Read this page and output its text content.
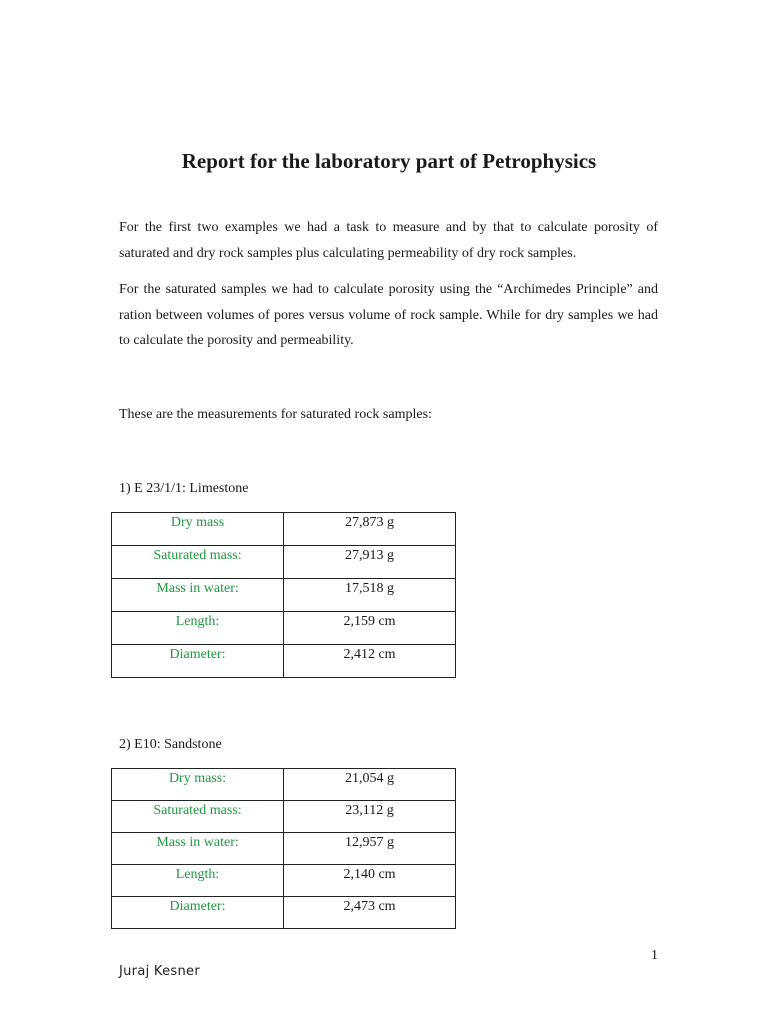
Report for the laboratory part of Petrophysics

For the first two examples we had a task to measure and by that to calculate porosity of saturated and dry rock samples plus calculating permeability of dry rock samples.

For the saturated samples we had to calculate porosity using the “Archimedes Principle” and ration between volumes of pores versus volume of rock sample. While for dry samples we had to calculate the porosity and permeability.

These are the measurements for saturated rock samples:

1) E 23/1/1: Limestone

Dry mass	27,873 g
Saturated mass:	27,913 g
Mass in water:	17,518 g
Length:	2,159 cm
Diameter:	2,412 cm

2) E10: Sandstone

Dry mass:	21,054 g
Saturated mass:	23,112 g
Mass in water:	12,957 g
Length:	2,140 cm
Diameter:	2,473 cm

1

Juraj Kesner
